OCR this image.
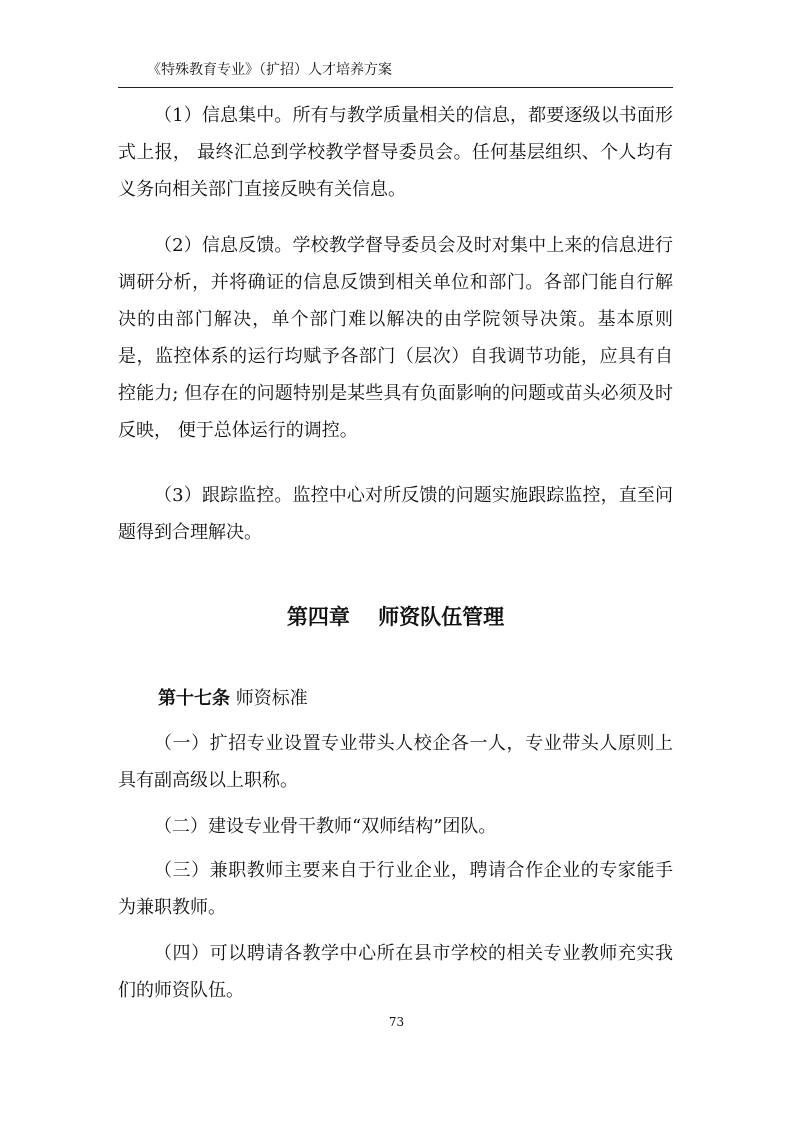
《特殊教育专业》（扩招）人才培养方案
（1）信息集中。所有与教学质量相关的信息，都要逐级以书面形式上报， 最终汇总到学校教学督导委员会。任何基层组织、个人均有义务向相关部门直接反映有关信息。
（2）信息反馈。学校教学督导委员会及时对集中上来的信息进行调研分析，并将确证的信息反馈到相关单位和部门。各部门能自行解决的由部门解决，单个部门难以解决的由学院领导决策。基本原则是，监控体系的运行均赋予各部门（层次）自我调节功能，应具有自控能力; 但存在的问题特别是某些具有负面影响的问题或苗头必须及时反映， 便于总体运行的调控。
（3）跟踪监控。监控中心对所反馈的问题实施跟踪监控，直至问题得到合理解决。
第四章　 师资队伍管理
第十七条 师资标准
（一）扩招专业设置专业带头人校企各一人，专业带头人原则上具有副高级以上职称。
（二）建设专业骨干教师“双师结构”团队。
（三）兼职教师主要来自于行业企业，聘请合作企业的专家能手为兼职教师。
（四）可以聘请各教学中心所在县市学校的相关专业教师充实我们的师资队伍。
73
